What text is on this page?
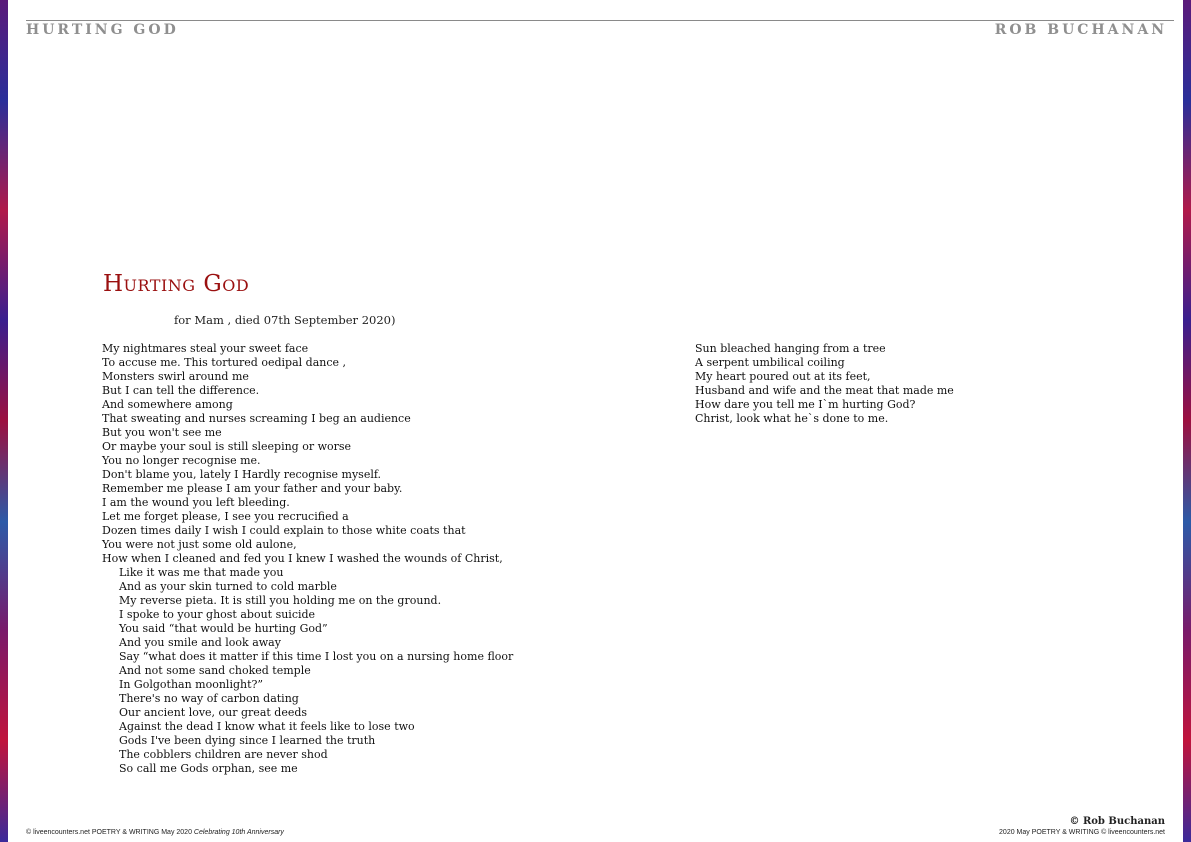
HURTING GOD	ROB BUCHANAN
Hurting God
for Mam , died 07th September 2020)
My nightmares steal your sweet face
To accuse me. This tortured oedipal dance ,
Monsters swirl around me
But I can tell the difference.
And somewhere among
That sweating and nurses screaming I beg an audience
But you won't see me
Or maybe your soul is still sleeping or worse
You no longer recognise me.
Don't blame you, lately I Hardly recognise myself.
Remember me please I am your father and your baby.
I am the wound you left bleeding.
Let me forget please, I see you recrucified a
Dozen times daily I wish I could explain to those white coats that
You were not just some old aulone,
How when I cleaned and fed you I knew I washed the wounds of Christ,
Like it was me that made you
And as your skin turned to cold marble
My reverse pieta. It is still you holding me on the ground.
I spoke to your ghost about suicide
You said “that would be hurting God”
And you smile and look away
Say “what does it matter if this time I lost you on a nursing home floor
And not some sand choked temple
In Golgothan moonlight?”
There's no way of carbon dating
Our ancient love, our great deeds
Against the dead I know what it feels like to lose two
Gods I've been dying since I learned the truth
The cobblers children are never shod
So call me Gods orphan, see me
Sun bleached hanging from a tree
A serpent umbilical coiling
My heart poured out at its feet,
Husband and wife and the meat that made me
How dare you tell me I`m hurting God?
Christ, look what he`s done to me.
© Rob Buchanan
© liveencounters.net POETRY & WRITING May 2020 Celebrating 10th Anniversary	2020 May POETRY & WRITING © liveencounters.net
